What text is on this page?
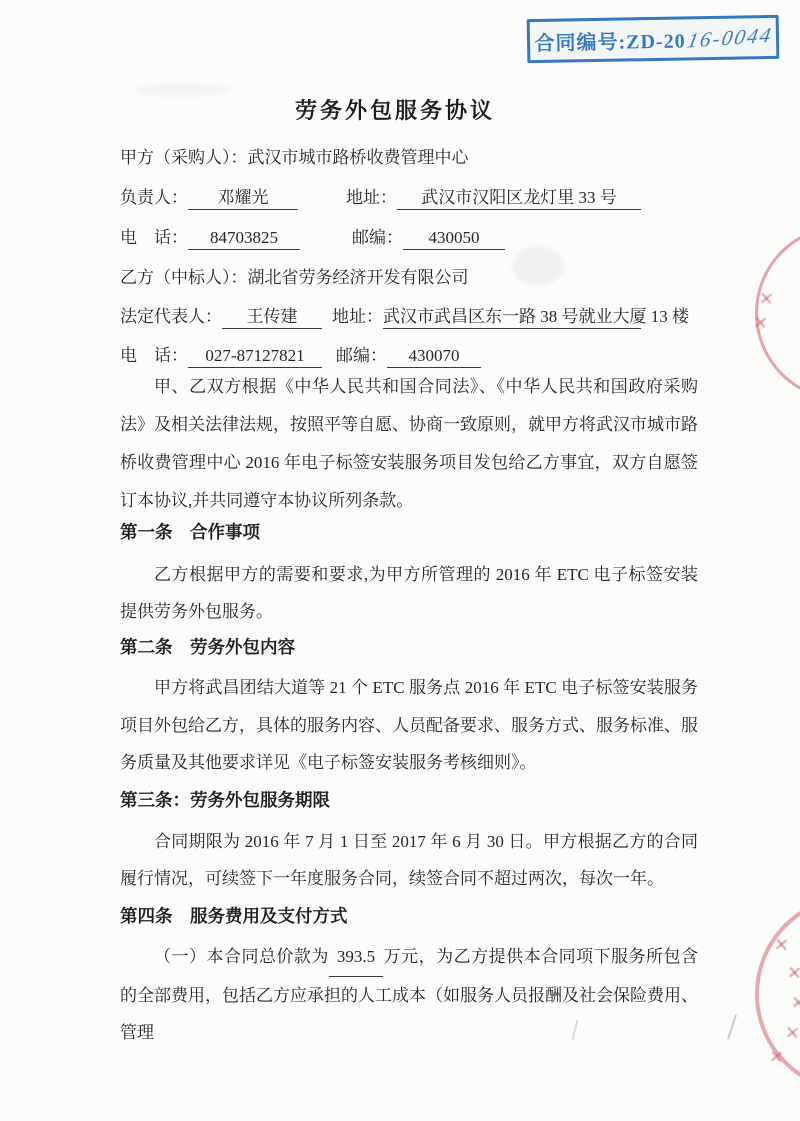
合同编号:ZD-20 16-0044
劳务外包服务协议
甲方（采购人）：武汉市城市路桥收费管理中心
负责人： 邓耀光	地址： 武汉市汉阳区龙灯里 33 号
电　话： 84703825	邮编： 430050
乙方（中标人）：湖北省劳务经济开发有限公司
法定代表人： 王传建 地址：武汉市武昌区东一路 38 号就业大厦 13 楼
电　话： 027-87127821 邮编： 430070
甲、乙双方根据《中华人民共和国合同法》、《中华人民共和国政府采购法》及相关法律法规，按照平等自愿、协商一致原则，就甲方将武汉市城市路桥收费管理中心 2016 年电子标签安装服务项目发包给乙方事宜，双方自愿签订本协议,并共同遵守本协议所列条款。
第一条　合作事项
乙方根据甲方的需要和要求,为甲方所管理的 2016 年 ETC 电子标签安装提供劳务外包服务。
第二条　劳务外包内容
甲方将武昌团结大道等 21 个 ETC 服务点 2016 年 ETC 电子标签安装服务项目外包给乙方，具体的服务内容、人员配备要求、服务方式、服务标准、服务质量及其他要求详见《电子标签安装服务考核细则》。
第三条：劳务外包服务期限
合同期限为 2016 年 7 月 1 日至 2017 年 6 月 30 日。甲方根据乙方的合同履行情况，可续签下一年度服务合同，续签合同不超过两次，每次一年。
第四条　服务费用及支付方式
（一）本合同总价款为 393.5 万元，为乙方提供本合同项下服务所包含的全部费用，包括乙方应承担的人工成本（如服务人员报酬及社会保险费用、管理
